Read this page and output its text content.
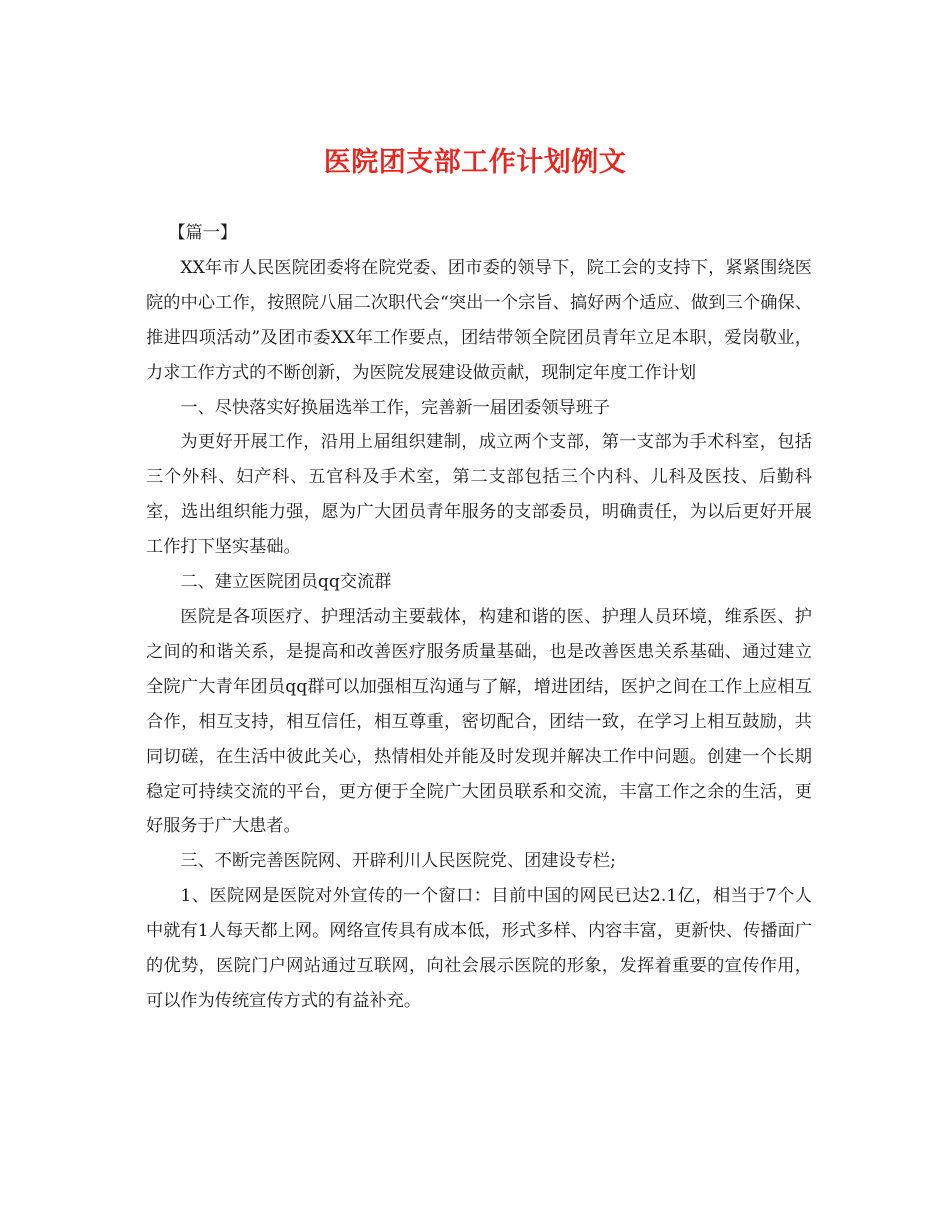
医院团支部工作计划例文

【篇一】

XX年市人民医院团委将在院党委、团市委的领导下，院工会的支持下，紧紧围绕医院的中心工作，按照院八届二次职代会“突出一个宗旨、搞好两个适应、做到三个确保、推进四项活动”及团市委XX年工作要点，团结带领全院团员青年立足本职，爱岗敬业，力求工作方式的不断创新，为医院发展建设做贡献，现制定年度工作计划

一、尽快落实好换届选举工作，完善新一届团委领导班子

为更好开展工作，沿用上届组织建制，成立两个支部，第一支部为手术科室，包括三个外科、妇产科、五官科及手术室，第二支部包括三个内科、儿科及医技、后勤科室，选出组织能力强，愿为广大团员青年服务的支部委员，明确责任，为以后更好开展工作打下坚实基础。

二、建立医院团员qq交流群

医院是各项医疗、护理活动主要载体，构建和谐的医、护理人员环境，维系医、护之间的和谐关系，是提高和改善医疗服务质量基础，也是改善医患关系基础、通过建立全院广大青年团员qq群可以加强相互沟通与了解，增进团结，医护之间在工作上应相互合作，相互支持，相互信任，相互尊重，密切配合，团结一致，在学习上相互鼓励，共同切磋，在生活中彼此关心，热情相处并能及时发现并解决工作中问题。创建一个长期稳定可持续交流的平台，更方便于全院广大团员联系和交流，丰富工作之余的生活，更好服务于广大患者。

三、不断完善医院网、开辟利川人民医院党、团建设专栏;

1、医院网是医院对外宣传的一个窗口：目前中国的网民已达2.1亿，相当于7个人中就有1人每天都上网。网络宣传具有成本低，形式多样、内容丰富，更新快、传播面广的优势，医院门户网站通过互联网，向社会展示医院的形象，发挥着重要的宣传作用，可以作为传统宣传方式的有益补充。
